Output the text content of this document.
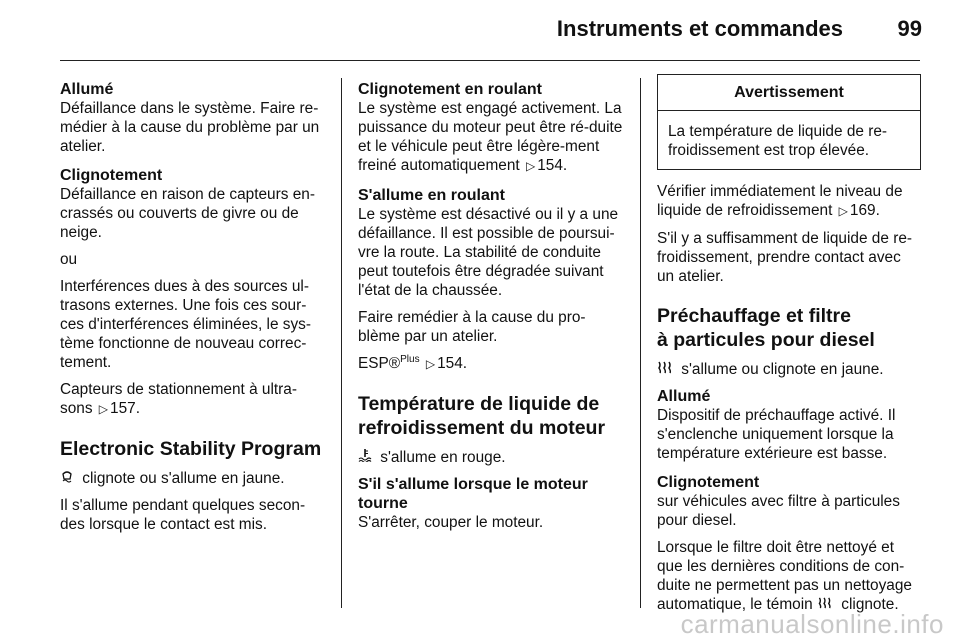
Instruments et commandes 99
Allumé

Défaillance dans le système. Faire re-médier à la cause du problème par un atelier.

Clignotement

Défaillance en raison de capteurs en-crassés ou couverts de givre ou de neige.

ou

Interférences dues à des sources ul-trasons externes. Une fois ces sour-ces d'interférences éliminées, le sys-tème fonctionne de nouveau correc-tement.

Capteurs de stationnement à ultra-sons ▷ 157.

Electronic Stability Program

clignote ou s'allume en jaune.

Il s'allume pendant quelques secon-des lorsque le contact est mis.

Clignotement en roulant

Le système est engagé activement. La puissance du moteur peut être ré-duite et le véhicule peut être légère-ment freiné automatiquement ▷ 154.

S'allume en roulant

Le système est désactivé ou il y a une défaillance. Il est possible de poursui-vre la route. La stabilité de conduite peut toutefois être dégradée suivant l'état de la chaussée.

Faire remédier à la cause du pro-blème par un atelier.

ESP®$^{Plus}$ ▷ 154.

Température de liquide de
refroidissement du moteur

s'allume en rouge.

S'il s'allume lorsque le moteur
tourne

S'arrêter, couper le moteur.

Avertissement
La température de liquide de re-froidissement est trop élevée.

Vérifier immédiatement le niveau de liquide de refroidissement ▷ 169.

S'il y a suffisamment de liquide de re-froidissement, prendre contact avec un atelier.

Préchauffage et filtre
à particules pour diesel

s'allume ou clignote en jaune.

Allumé

Dispositif de préchauffage activé. Il s'enclenche uniquement lorsque la température extérieure est basse.

Clignotement

sur véhicules avec filtre à particules pour diesel.

Lorsque le filtre doit être nettoyé et que les dernières conditions de con-duite ne permettent pas un nettoyage automatique, le témoin clignote.

carmanualsonline.info
